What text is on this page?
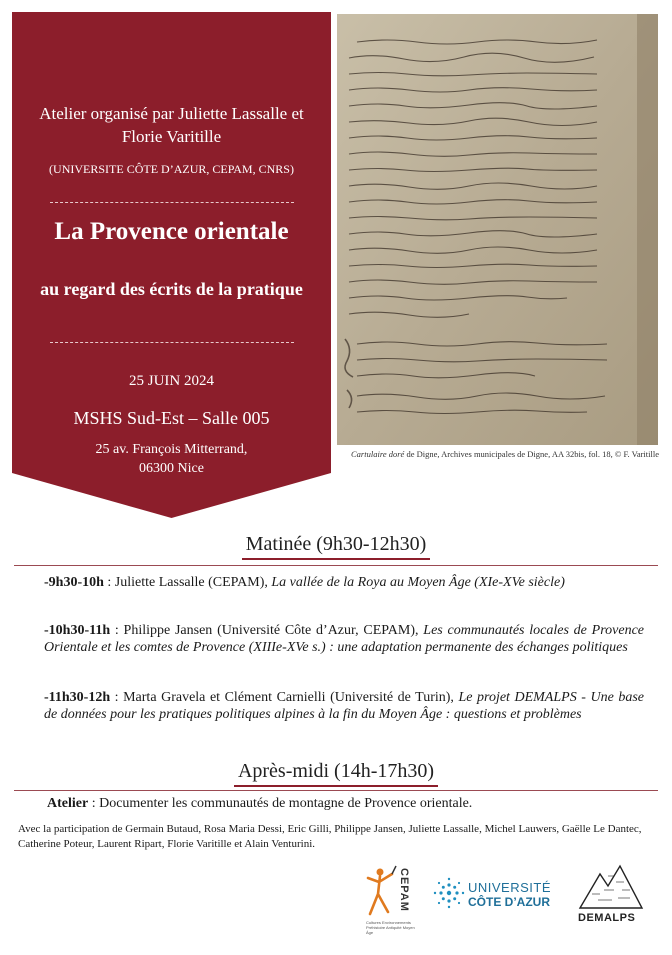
Atelier organisé par Juliette Lassalle et Florie Varitille
(UNIVERSITE CÔTE D’AZUR, CEPAM, CNRS)
La Provence orientale
au regard des écrits de la pratique
25 JUIN 2024
MSHS Sud-Est – Salle 005
25 av. François Mitterrand,
06300 Nice
Cartulaire doré de Digne, Archives municipales de Digne, AA 32bis, fol. 18, © F. Varitille
Matinée (9h30-12h30)
-9h30-10h : Juliette Lassalle (CEPAM), La vallée de la Roya au Moyen Âge (XIe-XVe siècle)
-10h30-11h : Philippe Jansen (Université Côte d’Azur, CEPAM), Les communautés locales de Provence Orientale et les comtes de Provence (XIIIe-XVe s.) : une adaptation permanente des échanges politiques
-11h30-12h : Marta Gravela et Clément Carnielli (Université de Turin), Le projet DEMALPS - Une base de données pour les pratiques politiques alpines à la fin du Moyen Âge : questions et problèmes
Après-midi (14h-17h30)
Atelier : Documenter les communautés de montagne de Provence orientale.
Avec la participation de Germain Butaud, Rosa Maria Dessi, Eric Gilli, Philippe Jansen, Juliette Lassalle, Michel Lauwers, Gaëlle Le Dantec, Catherine Poteur, Laurent Ripart, Florie Varitille et Alain Venturini.
CEPAM
Cultures Environnements Préhistoire Antiquité Moyen Âge
UNIVERSITÉ
CÔTE D’AZUR
DEMALPS
